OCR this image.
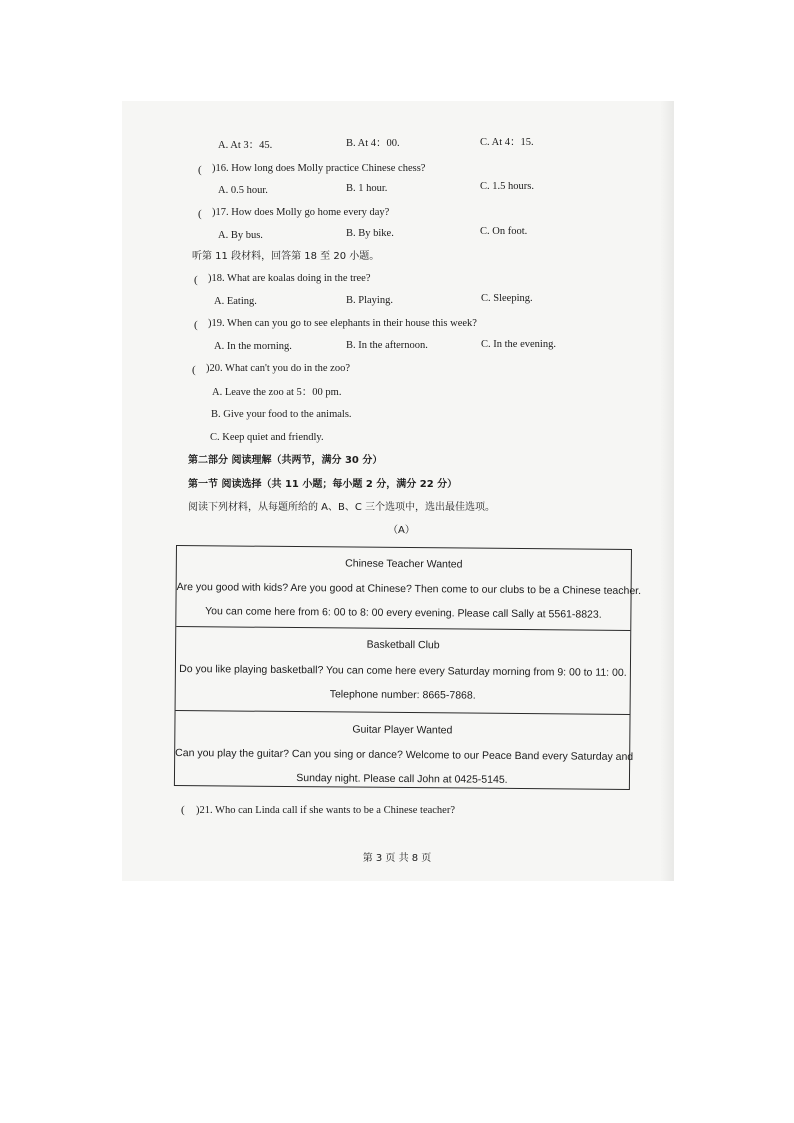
A. At 3：45.	B. At 4：00.	C. At 4：15.
( )16. How long does Molly practice Chinese chess?
A. 0.5 hour.	B. 1 hour.	C. 1.5 hours.
( )17. How does Molly go home every day?
A. By bus.	B. By bike.	C. On foot.
听第 11 段材料，回答第 18 至 20 小题。
( )18. What are koalas doing in the tree?
A. Eating.	B. Playing.	C. Sleeping.
( )19. When can you go to see elephants in their house this week?
A. In the morning.	B. In the afternoon.	C. In the evening.
( )20. What can't you do in the zoo?
A. Leave the zoo at 5：00 pm.
B. Give your food to the animals.
C. Keep quiet and friendly.
第二部分 阅读理解（共两节，满分 30 分）
第一节 阅读选择（共 11 小题；每小题 2 分，满分 22 分）
阅读下列材料，从每题所给的 A、B、C 三个选项中，选出最佳选项。
（A）
Chinese Teacher Wanted
Are you good with kids? Are you good at Chinese? Then come to our clubs to be a Chinese teacher.
You can come here from 6: 00 to 8: 00 every evening. Please call Sally at 5561-8823.
Basketball Club
Do you like playing basketball? You can come here every Saturday morning from 9: 00 to 11: 00.
Telephone number: 8665-7868.
Guitar Player Wanted
Can you play the guitar? Can you sing or dance? Welcome to our Peace Band every Saturday and
Sunday night. Please call John at 0425-5145.
( )21. Who can Linda call if she wants to be a Chinese teacher?
第 3 页 共 8 页
